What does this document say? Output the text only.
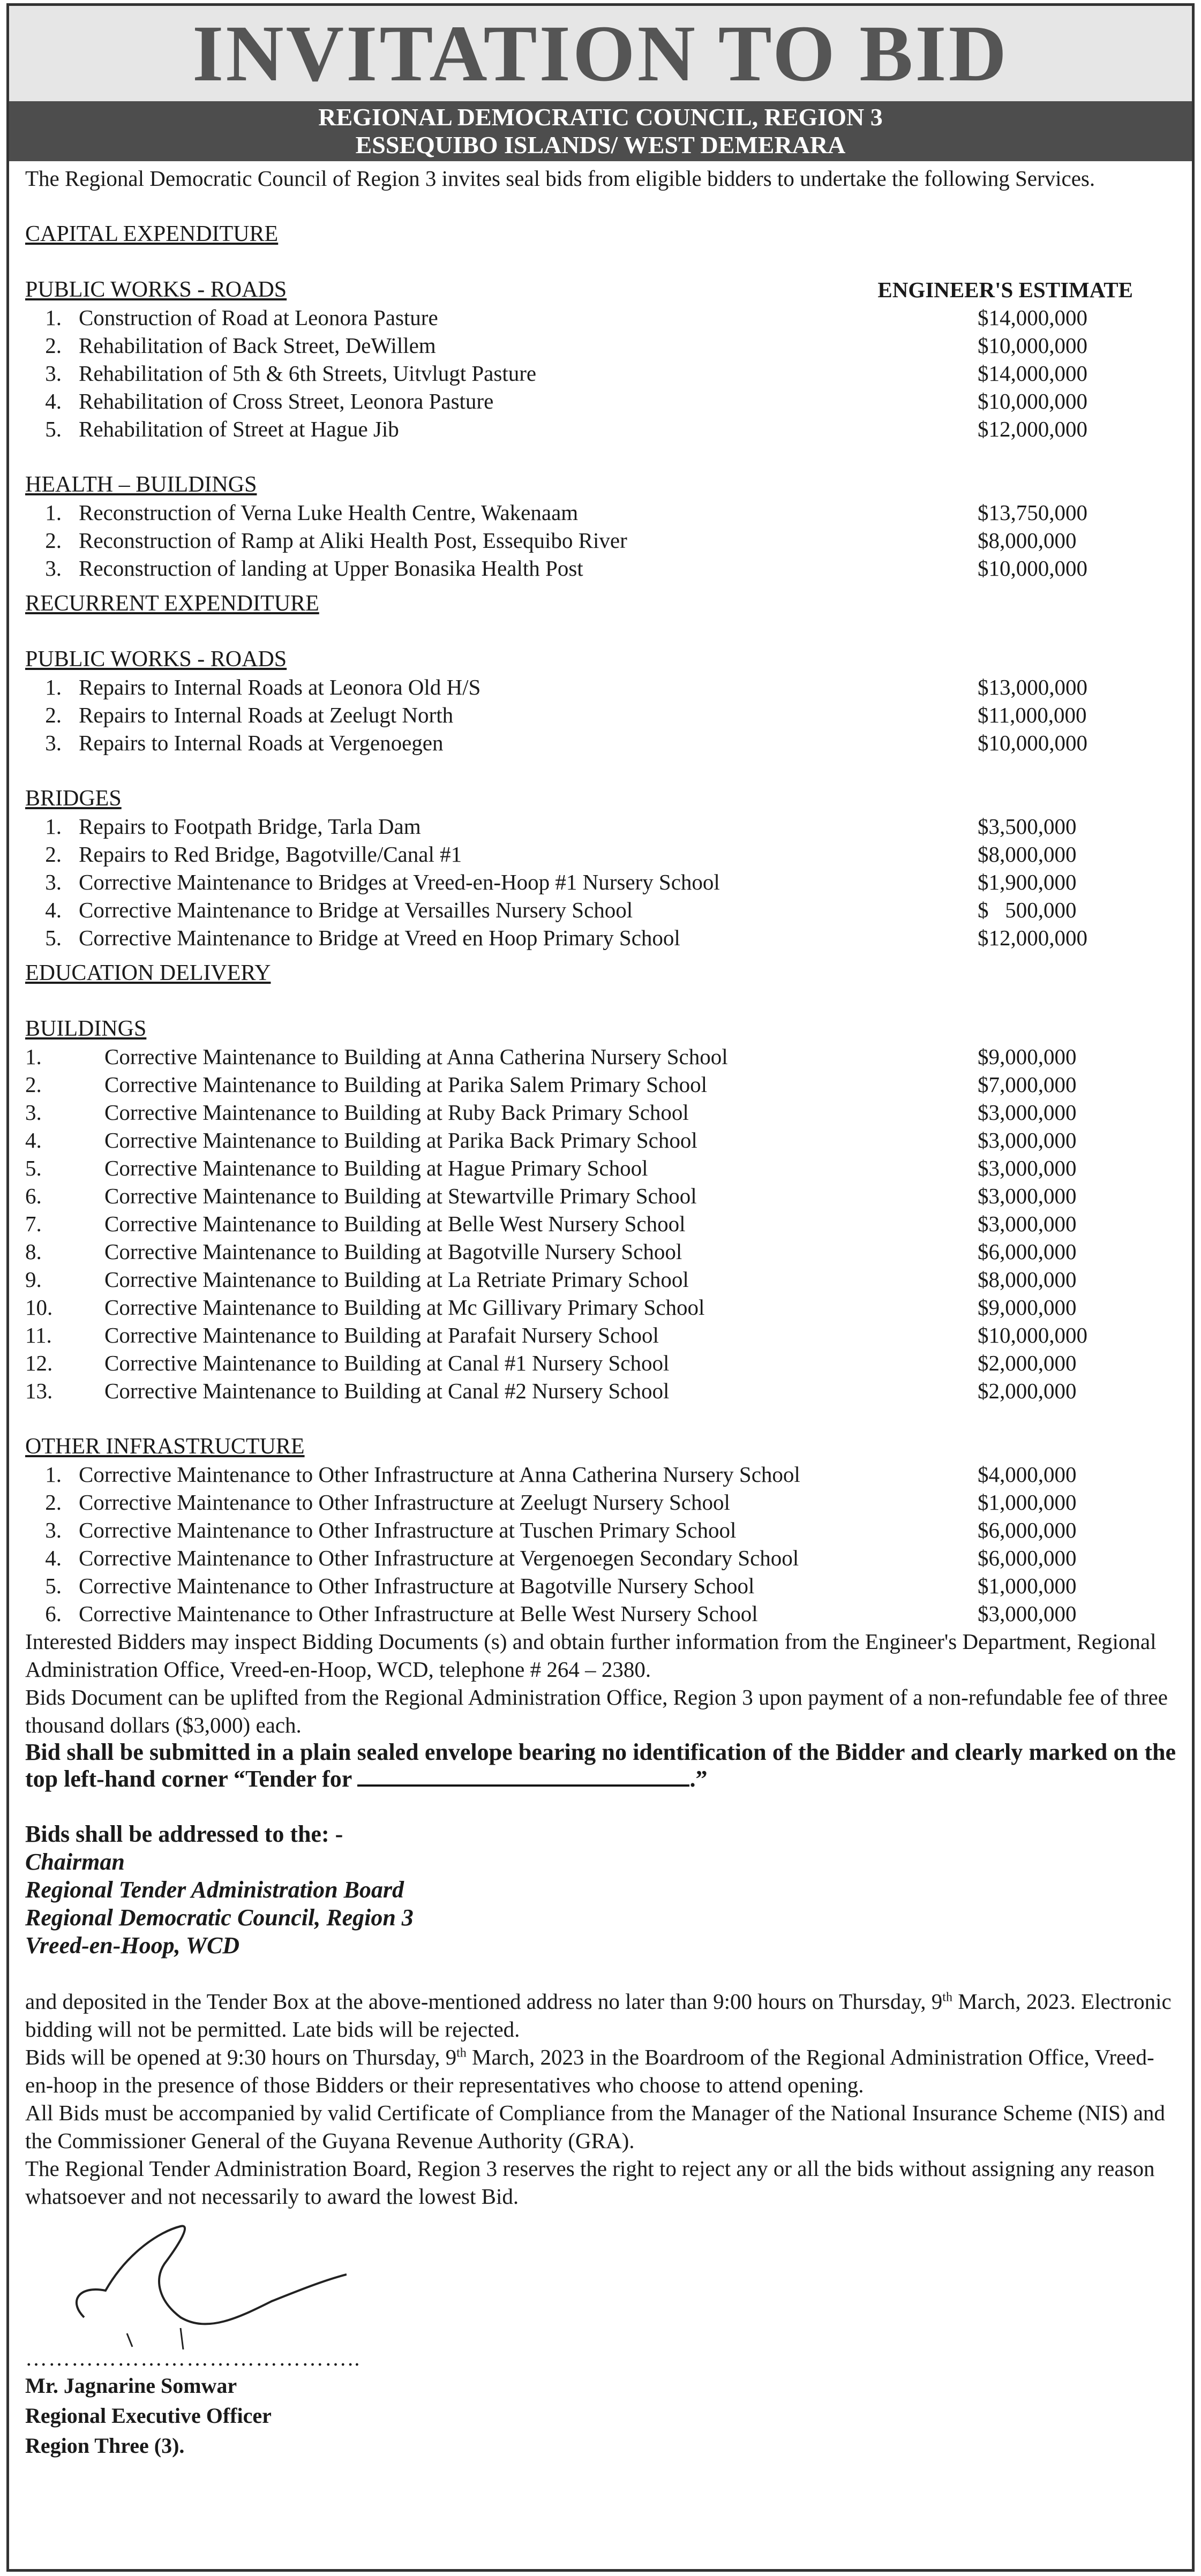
INVITATION TO BID
REGIONAL DEMOCRATIC COUNCIL, REGION 3
ESSEQUIBO ISLANDS/ WEST DEMERARA
The Regional Democratic Council of Region 3 invites seal bids from eligible bidders to undertake the following Services.
CAPITAL EXPENDITURE
PUBLIC WORKS - ROADS	ENGINEER'S ESTIMATE
1. Construction of Road at Leonora Pasture	$14,000,000
2. Rehabilitation of Back Street, DeWillem	$10,000,000
3. Rehabilitation of 5th & 6th Streets, Uitvlugt Pasture	$14,000,000
4. Rehabilitation of Cross Street, Leonora Pasture	$10,000,000
5. Rehabilitation of Street at Hague Jib	$12,000,000
HEALTH – BUILDINGS
1. Reconstruction of Verna Luke Health Centre, Wakenaam	$13,750,000
2. Reconstruction of Ramp at Aliki Health Post, Essequibo River	$8,000,000
3. Reconstruction of landing at Upper Bonasika Health Post	$10,000,000
RECURRENT EXPENDITURE
PUBLIC WORKS - ROADS
1. Repairs to Internal Roads at Leonora Old H/S	$13,000,000
2. Repairs to Internal Roads at Zeelugt North	$11,000,000
3. Repairs to Internal Roads at Vergenoegen	$10,000,000
BRIDGES
1. Repairs to Footpath Bridge, Tarla Dam	$3,500,000
2. Repairs to Red Bridge, Bagotville/Canal #1	$8,000,000
3. Corrective Maintenance to Bridges at Vreed-en-Hoop #1 Nursery School	$1,900,000
4. Corrective Maintenance to Bridge at Versailles Nursery School	$   500,000
5. Corrective Maintenance to Bridge at Vreed en Hoop Primary School	$12,000,000
EDUCATION DELIVERY
BUILDINGS
1.	Corrective Maintenance to Building at Anna Catherina Nursery School	$9,000,000
2.	Corrective Maintenance to Building at Parika Salem Primary School	$7,000,000
3.	Corrective Maintenance to Building at Ruby Back Primary School	$3,000,000
4.	Corrective Maintenance to Building at Parika Back Primary School	$3,000,000
5.	Corrective Maintenance to Building at Hague Primary School	$3,000,000
6.	Corrective Maintenance to Building at Stewartville Primary School	$3,000,000
7.	Corrective Maintenance to Building at Belle West Nursery School	$3,000,000
8.	Corrective Maintenance to Building at Bagotville Nursery School	$6,000,000
9.	Corrective Maintenance to Building at La Retriate Primary School	$8,000,000
10.	Corrective Maintenance to Building at Mc Gillivary Primary School	$9,000,000
11.	Corrective Maintenance to Building at Parafait Nursery School	$10,000,000
12.	Corrective Maintenance to Building at Canal #1 Nursery School	$2,000,000
13.	Corrective Maintenance to Building at Canal #2 Nursery School	$2,000,000
OTHER INFRASTRUCTURE
1. Corrective Maintenance to Other Infrastructure at Anna Catherina Nursery School	$4,000,000
2. Corrective Maintenance to Other Infrastructure at Zeelugt Nursery School	$1,000,000
3. Corrective Maintenance to Other Infrastructure at Tuschen Primary School	$6,000,000
4. Corrective Maintenance to Other Infrastructure at Vergenoegen Secondary School	$6,000,000
5. Corrective Maintenance to Other Infrastructure at Bagotville Nursery School	$1,000,000
6. Corrective Maintenance to Other Infrastructure at Belle West Nursery School	$3,000,000
Interested Bidders may inspect Bidding Documents (s) and obtain further information from the Engineer's Department, Regional Administration Office, Vreed-en-Hoop, WCD, telephone # 264 – 2380.
Bids Document can be uplifted from the Regional Administration Office, Region 3 upon payment of a non-refundable fee of three thousand dollars ($3,000) each.
Bid shall be submitted in a plain sealed envelope bearing no identification of the Bidder and clearly marked on the top left-hand corner “Tender for	.”
Bids shall be addressed to the: -
Chairman
Regional Tender Administration Board
Regional Democratic Council, Region 3
Vreed-en-Hoop, WCD
and deposited in the Tender Box at the above-mentioned address no later than 9:00 hours on Thursday, 9th March, 2023. Electronic bidding will not be permitted. Late bids will be rejected.
Bids will be opened at 9:30 hours on Thursday, 9th March, 2023 in the Boardroom of the Regional Administration Office, Vreed-en-hoop in the presence of those Bidders or their representatives who choose to attend opening.
All Bids must be accompanied by valid Certificate of Compliance from the Manager of the National Insurance Scheme (NIS) and the Commissioner General of the Guyana Revenue Authority (GRA).
The Regional Tender Administration Board, Region 3 reserves the right to reject any or all the bids without assigning any reason whatsoever and not necessarily to award the lowest Bid.
……………………………………..
Mr. Jagnarine Somwar
Regional Executive Officer
Region Three (3).
